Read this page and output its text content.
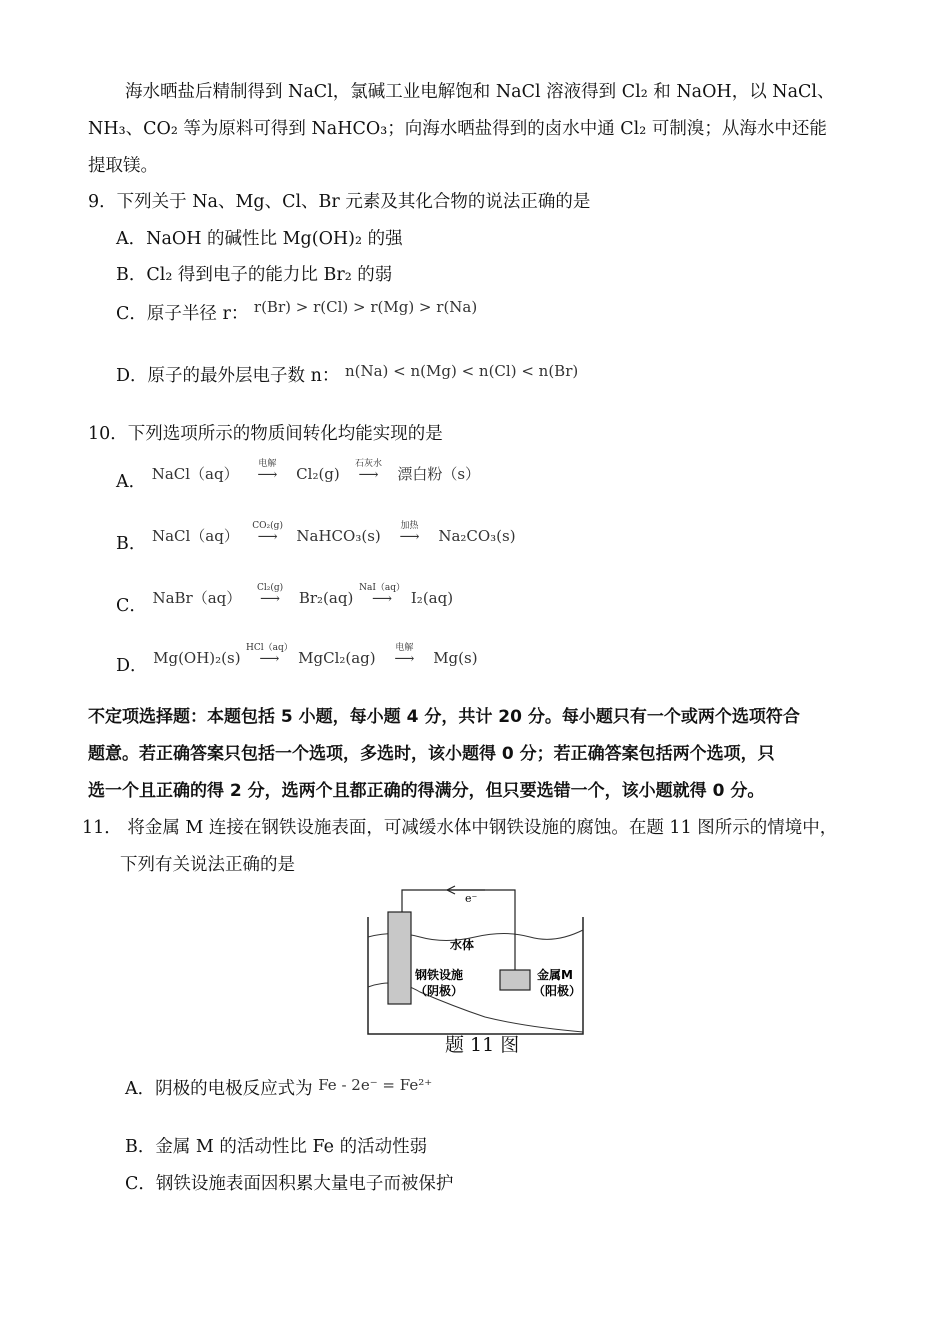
海水晒盐后精制得到 NaCl，氯碱工业电解饱和 NaCl 溶液得到 Cl₂ 和 NaOH，以 NaCl、
NH₃、CO₂ 等为原料可得到 NaHCO₃；向海水晒盐得到的卤水中通 Cl₂ 可制溴；从海水中还能
提取镁。
9．下列关于 Na、Mg、Cl、Br 元素及其化合物的说法正确的是
A．NaOH 的碱性比 Mg(OH)₂ 的强
B．Cl₂ 得到电子的能力比 Br₂ 的弱
C．原子半径 r： r(Br) > r(Cl) > r(Mg) > r(Na)
D．原子的最外层电子数 n： n(Na) < n(Mg) < n(Cl) < n(Br)
10．下列选项所示的物质间转化均能实现的是
A． NaCl（aq）
电解
⟶ Cl₂(g)
石灰水
⟶ 漂白粉（s）
B． NaCl（aq）
CO₂(g)
⟶ NaHCO₃(s)
加热
⟶ Na₂CO₃(s)
C． NaBr（aq）
Cl₂(g)
⟶ Br₂(aq)
NaI（aq）
⟶ I₂(aq)
D． Mg(OH)₂(s)
HCl（aq）
⟶ MgCl₂(ag)
电解
⟶ Mg(s)
不定项选择题：本题包括 5 小题，每小题 4 分，共计 20 分。每小题只有一个或两个选项符合
题意。若正确答案只包括一个选项，多选时，该小题得 0 分；若正确答案包括两个选项，只
选一个且正确的得 2 分，选两个且都正确的得满分，但只要选错一个，该小题就得 0 分。
11． 将金属 M 连接在钢铁设施表面，可减缓水体中钢铁设施的腐蚀。在题 11 图所示的情境中，
下列有关说法正确的是
e⁻
水体
钢铁设施
（阴极）
金属M
（阳极）
题 11 图
A．阴极的电极反应式为 Fe - 2e⁻ = Fe²⁺
B．金属 M 的活动性比 Fe 的活动性弱
C．钢铁设施表面因积累大量电子而被保护
